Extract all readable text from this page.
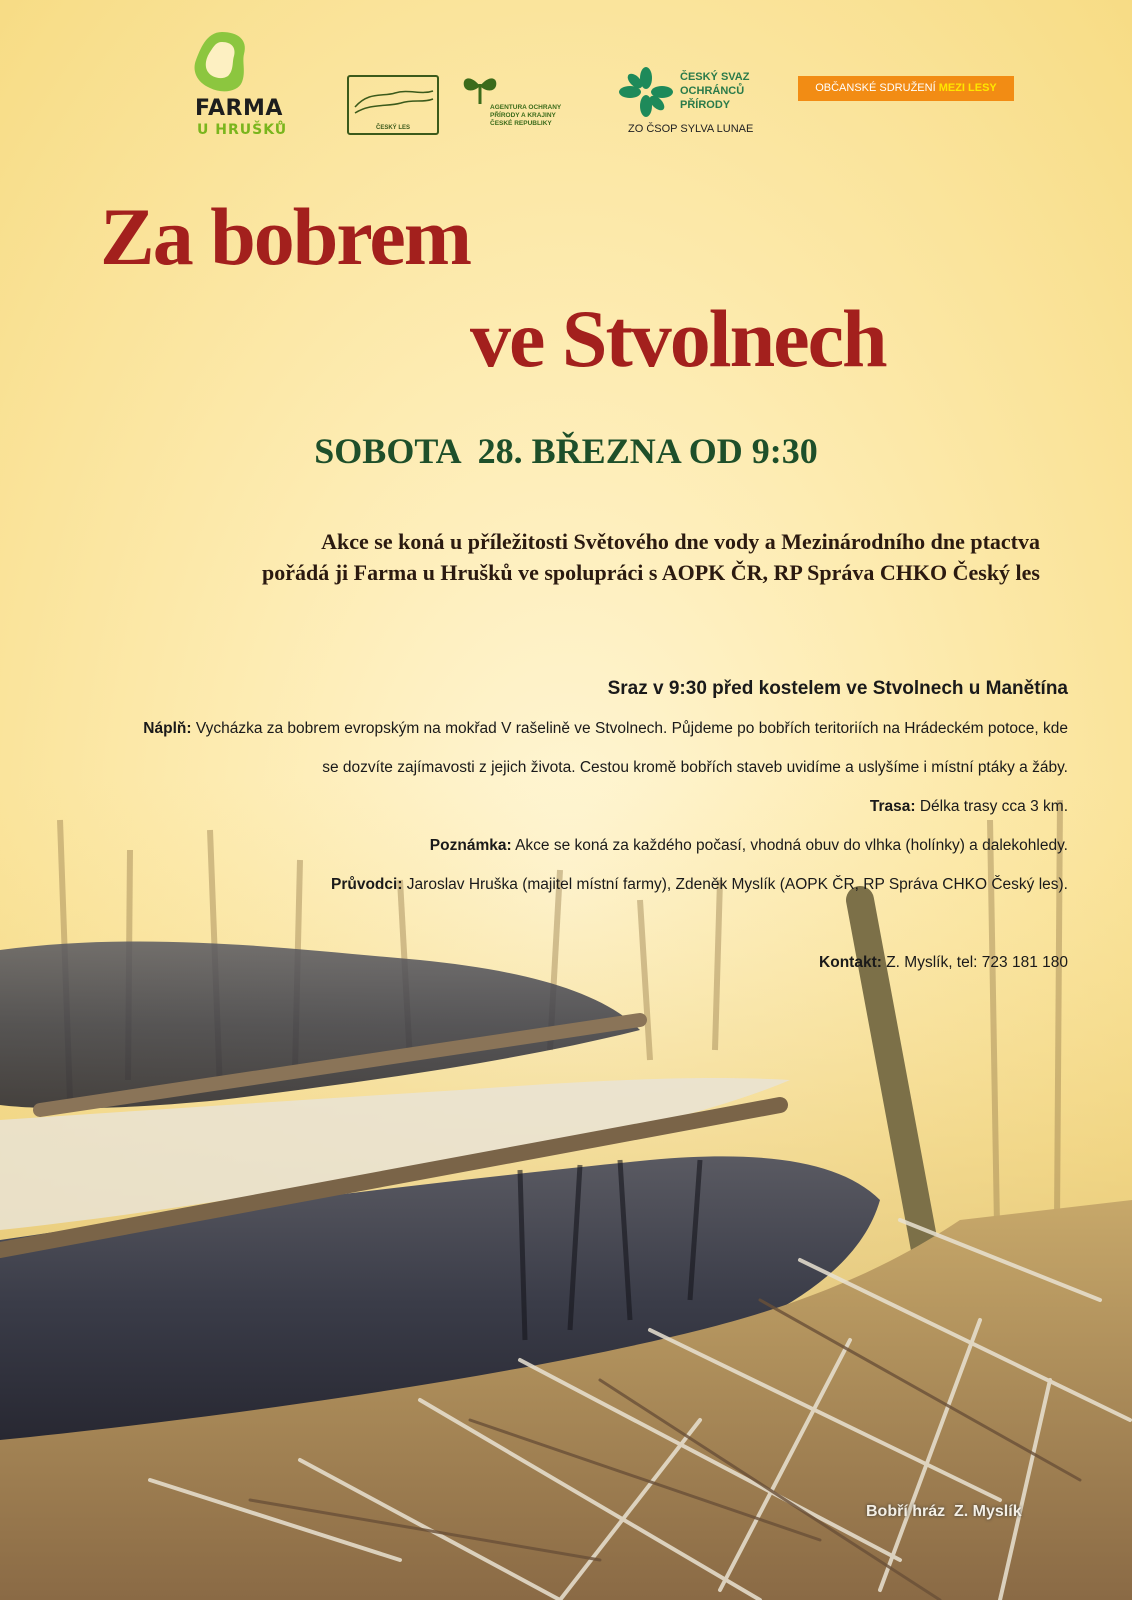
FARMA
U HRUŠKŮ	ČESKÝ LES
AGENTURA OCHRANY PŘÍRODY A KRAJINY ČESKÉ REPUBLIKY
ČESKÝ SVAZ OCHRÁNCŮ PŘÍRODY
ZO ČSOP SYLVA LUNAE
OBČANSKÉ SDRUŽENÍ MEZI LESY
Za bobrem
ve Stvolnech
SOBOTA  28. BŘEZNA OD 9:30
Akce se koná u příležitosti Světového dne vody a Mezinárodního dne ptactva
pořádá ji Farma u Hrušků ve spolupráci s AOPK ČR, RP Správa CHKO Český les

Sraz v 9:30 před kostelem ve Stvolnech u Manětína

Náplň: Vycházka za bobrem evropským na mokřad V rašelině ve Stvolnech. Půjdeme po bobřích teritoriích na Hrádeckém potoce, kde

se dozvíte zajímavosti z jejich života. Cestou kromě bobřích staveb uvidíme a uslyšíme i místní ptáky a žáby.

Trasa: Délka trasy cca 3 km.

Poznámka: Akce se koná za každého počasí, vhodná obuv do vlhka (holínky) a dalekohledy.

Průvodci: Jaroslav Hruška (majitel místní farmy), Zdeněk Myslík (AOPK ČR, RP Správa CHKO Český les).

Kontakt: Z. Myslík, tel: 723 181 180

Bobří hráz  Z. Myslík
